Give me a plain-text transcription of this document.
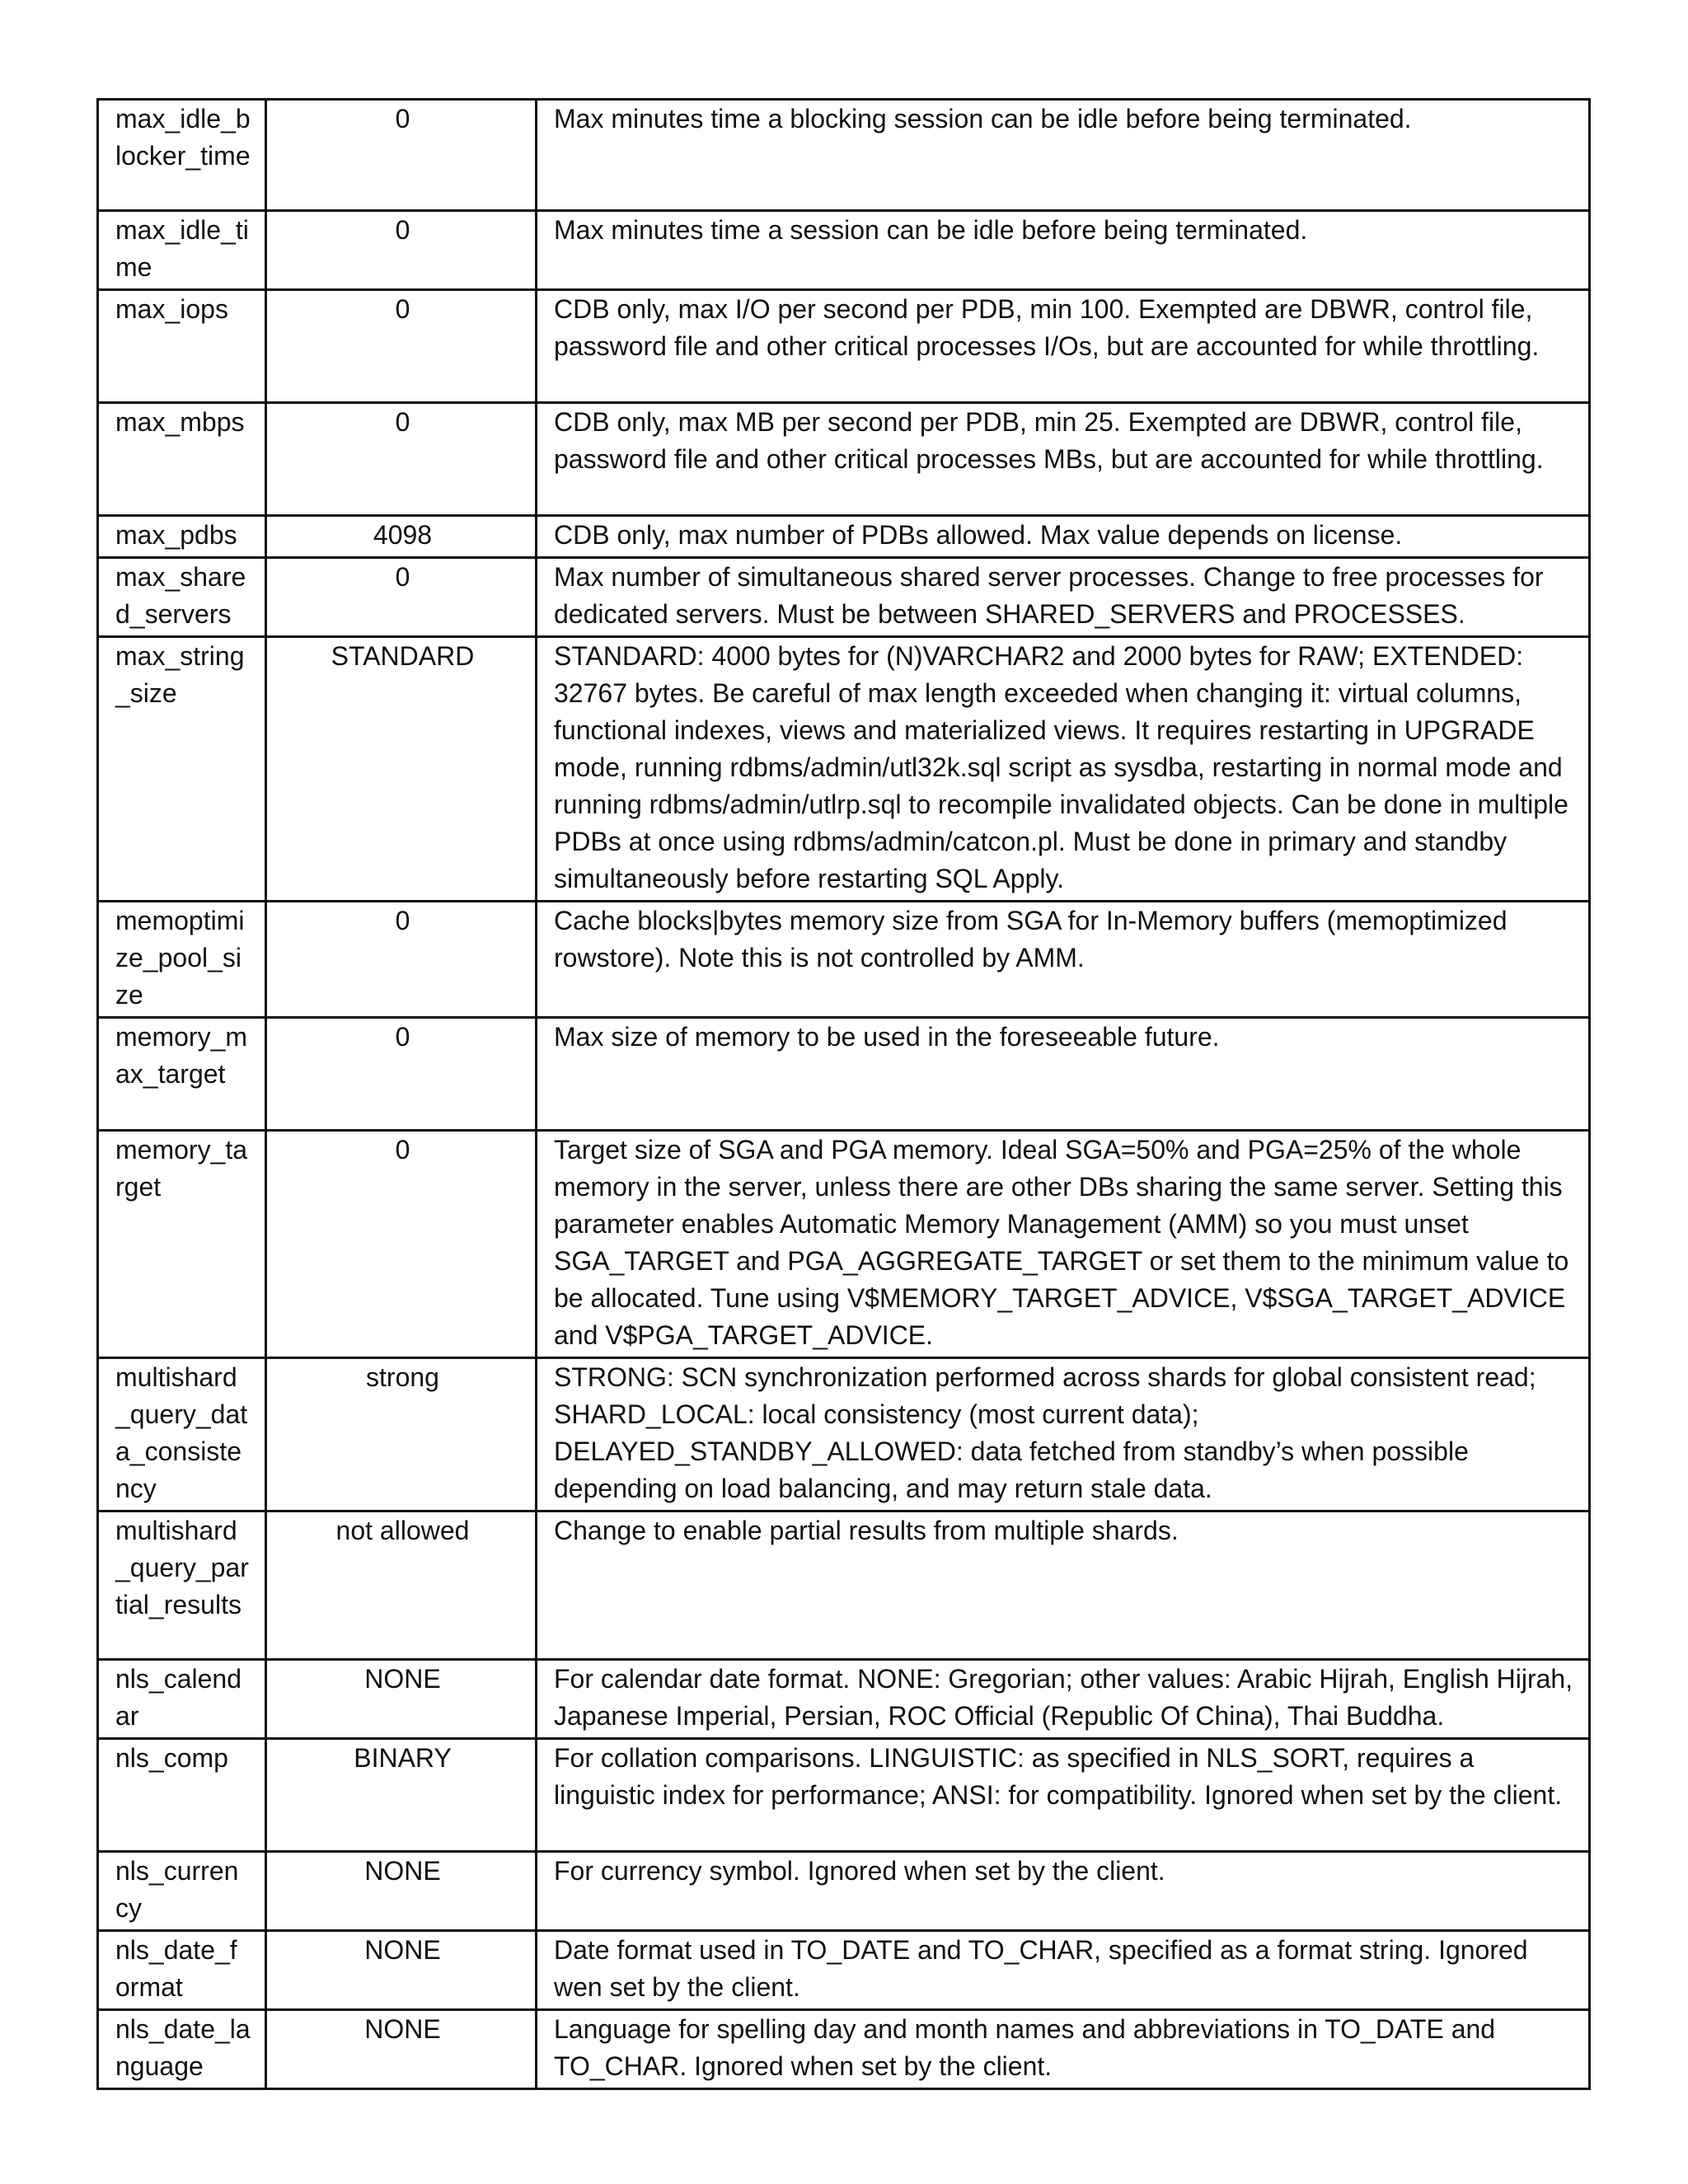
max_idle_blocker_time	0	Max minutes time a blocking session can be idle before being terminated.
max_idle_time	0	Max minutes time a session can be idle before being terminated.
max_iops	0	CDB only, max I/O per second per PDB, min 100. Exempted are DBWR, control file, password file and other critical processes I/Os, but are accounted for while throttling.
max_mbps	0	CDB only, max MB per second per PDB, min 25. Exempted are DBWR, control file, password file and other critical processes MBs, but are accounted for while throttling.
max_pdbs	4098	CDB only, max number of PDBs allowed. Max value depends on license.
max_shared_servers	0	Max number of simultaneous shared server processes. Change to free processes for dedicated servers. Must be between SHARED_SERVERS and PROCESSES.
max_string_size	STANDARD	STANDARD: 4000 bytes for (N)VARCHAR2 and 2000 bytes for RAW; EXTENDED: 32767 bytes. Be careful of max length exceeded when changing it: virtual columns, functional indexes, views and materialized views. It requires restarting in UPGRADE mode, running rdbms/admin/utl32k.sql script as sysdba, restarting in normal mode and running rdbms/admin/utlrp.sql to recompile invalidated objects. Can be done in multiple PDBs at once using rdbms/admin/catcon.pl. Must be done in primary and standby simultaneously before restarting SQL Apply.
memoptimize_pool_size	0	Cache blocks|bytes memory size from SGA for In-Memory buffers (memoptimized rowstore). Note this is not controlled by AMM.
memory_max_target	0	Max size of memory to be used in the foreseeable future.
memory_target	0	Target size of SGA and PGA memory. Ideal SGA=50% and PGA=25% of the whole memory in the server, unless there are other DBs sharing the same server. Setting this parameter enables Automatic Memory Management (AMM) so you must unset SGA_TARGET and PGA_AGGREGATE_TARGET or set them to the minimum value to be allocated. Tune using V$MEMORY_TARGET_ADVICE, V$SGA_TARGET_ADVICE and V$PGA_TARGET_ADVICE.
multishard_query_data_consistency	strong	STRONG: SCN synchronization performed across shards for global consistent read; SHARD_LOCAL: local consistency (most current data); DELAYED_STANDBY_ALLOWED: data fetched from standby’s when possible depending on load balancing, and may return stale data.
multishard_query_partial_results	not allowed	Change to enable partial results from multiple shards.
nls_calendar	NONE	For calendar date format. NONE: Gregorian; other values: Arabic Hijrah, English Hijrah, Japanese Imperial, Persian, ROC Official (Republic Of China), Thai Buddha.
nls_comp	BINARY	For collation comparisons. LINGUISTIC: as specified in NLS_SORT, requires a linguistic index for performance; ANSI: for compatibility. Ignored when set by the client.
nls_currency	NONE	For currency symbol. Ignored when set by the client.
nls_date_format	NONE	Date format used in TO_DATE and TO_CHAR, specified as a format string. Ignored wen set by the client.
nls_date_language	NONE	Language for spelling day and month names and abbreviations in TO_DATE and TO_CHAR. Ignored when set by the client.
